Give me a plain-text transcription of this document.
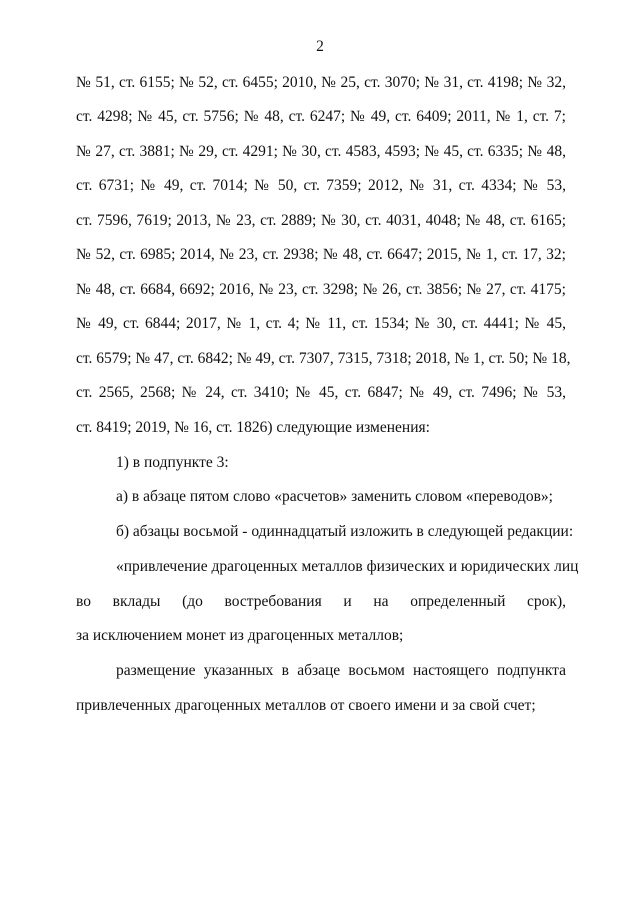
2
№ 51, ст. 6155; № 52, ст. 6455; 2010, № 25, ст. 3070; № 31, ст. 4198; № 32,
ст. 4298; № 45, ст. 5756; № 48, ст. 6247; № 49, ст. 6409; 2011, № 1, ст. 7;
№ 27, ст. 3881; № 29, ст. 4291; № 30, ст. 4583, 4593; № 45, ст. 6335; № 48,
ст. 6731; № 49, ст. 7014; № 50, ст. 7359; 2012, № 31, ст. 4334; № 53,
ст. 7596, 7619; 2013, № 23, ст. 2889; № 30, ст. 4031, 4048; № 48, ст. 6165;
№ 52, ст. 6985; 2014, № 23, ст. 2938; № 48, ст. 6647; 2015, № 1, ст. 17, 32;
№ 48, ст. 6684, 6692; 2016, № 23, ст. 3298; № 26, ст. 3856; № 27, ст. 4175;
№ 49, ст. 6844; 2017, № 1, ст. 4; № 11, ст. 1534; № 30, ст. 4441; № 45,
ст. 6579; № 47, ст. 6842; № 49, ст. 7307, 7315, 7318; 2018, № 1, ст. 50; № 18,
ст. 2565, 2568; № 24, ст. 3410; № 45, ст. 6847; № 49, ст. 7496; № 53,
ст. 8419; 2019, № 16, ст. 1826) следующие изменения:
1) в подпункте 3:
а) в абзаце пятом слово «расчетов» заменить словом «переводов»;
б) абзацы восьмой - одиннадцатый изложить в следующей редакции:
«привлечение драгоценных металлов физических и юридических лиц
во вклады (до востребования и на определенный срок),
за исключением монет из драгоценных металлов;
размещение указанных в абзаце восьмом настоящего подпункта
привлеченных драгоценных металлов от своего имени и за свой счет;
